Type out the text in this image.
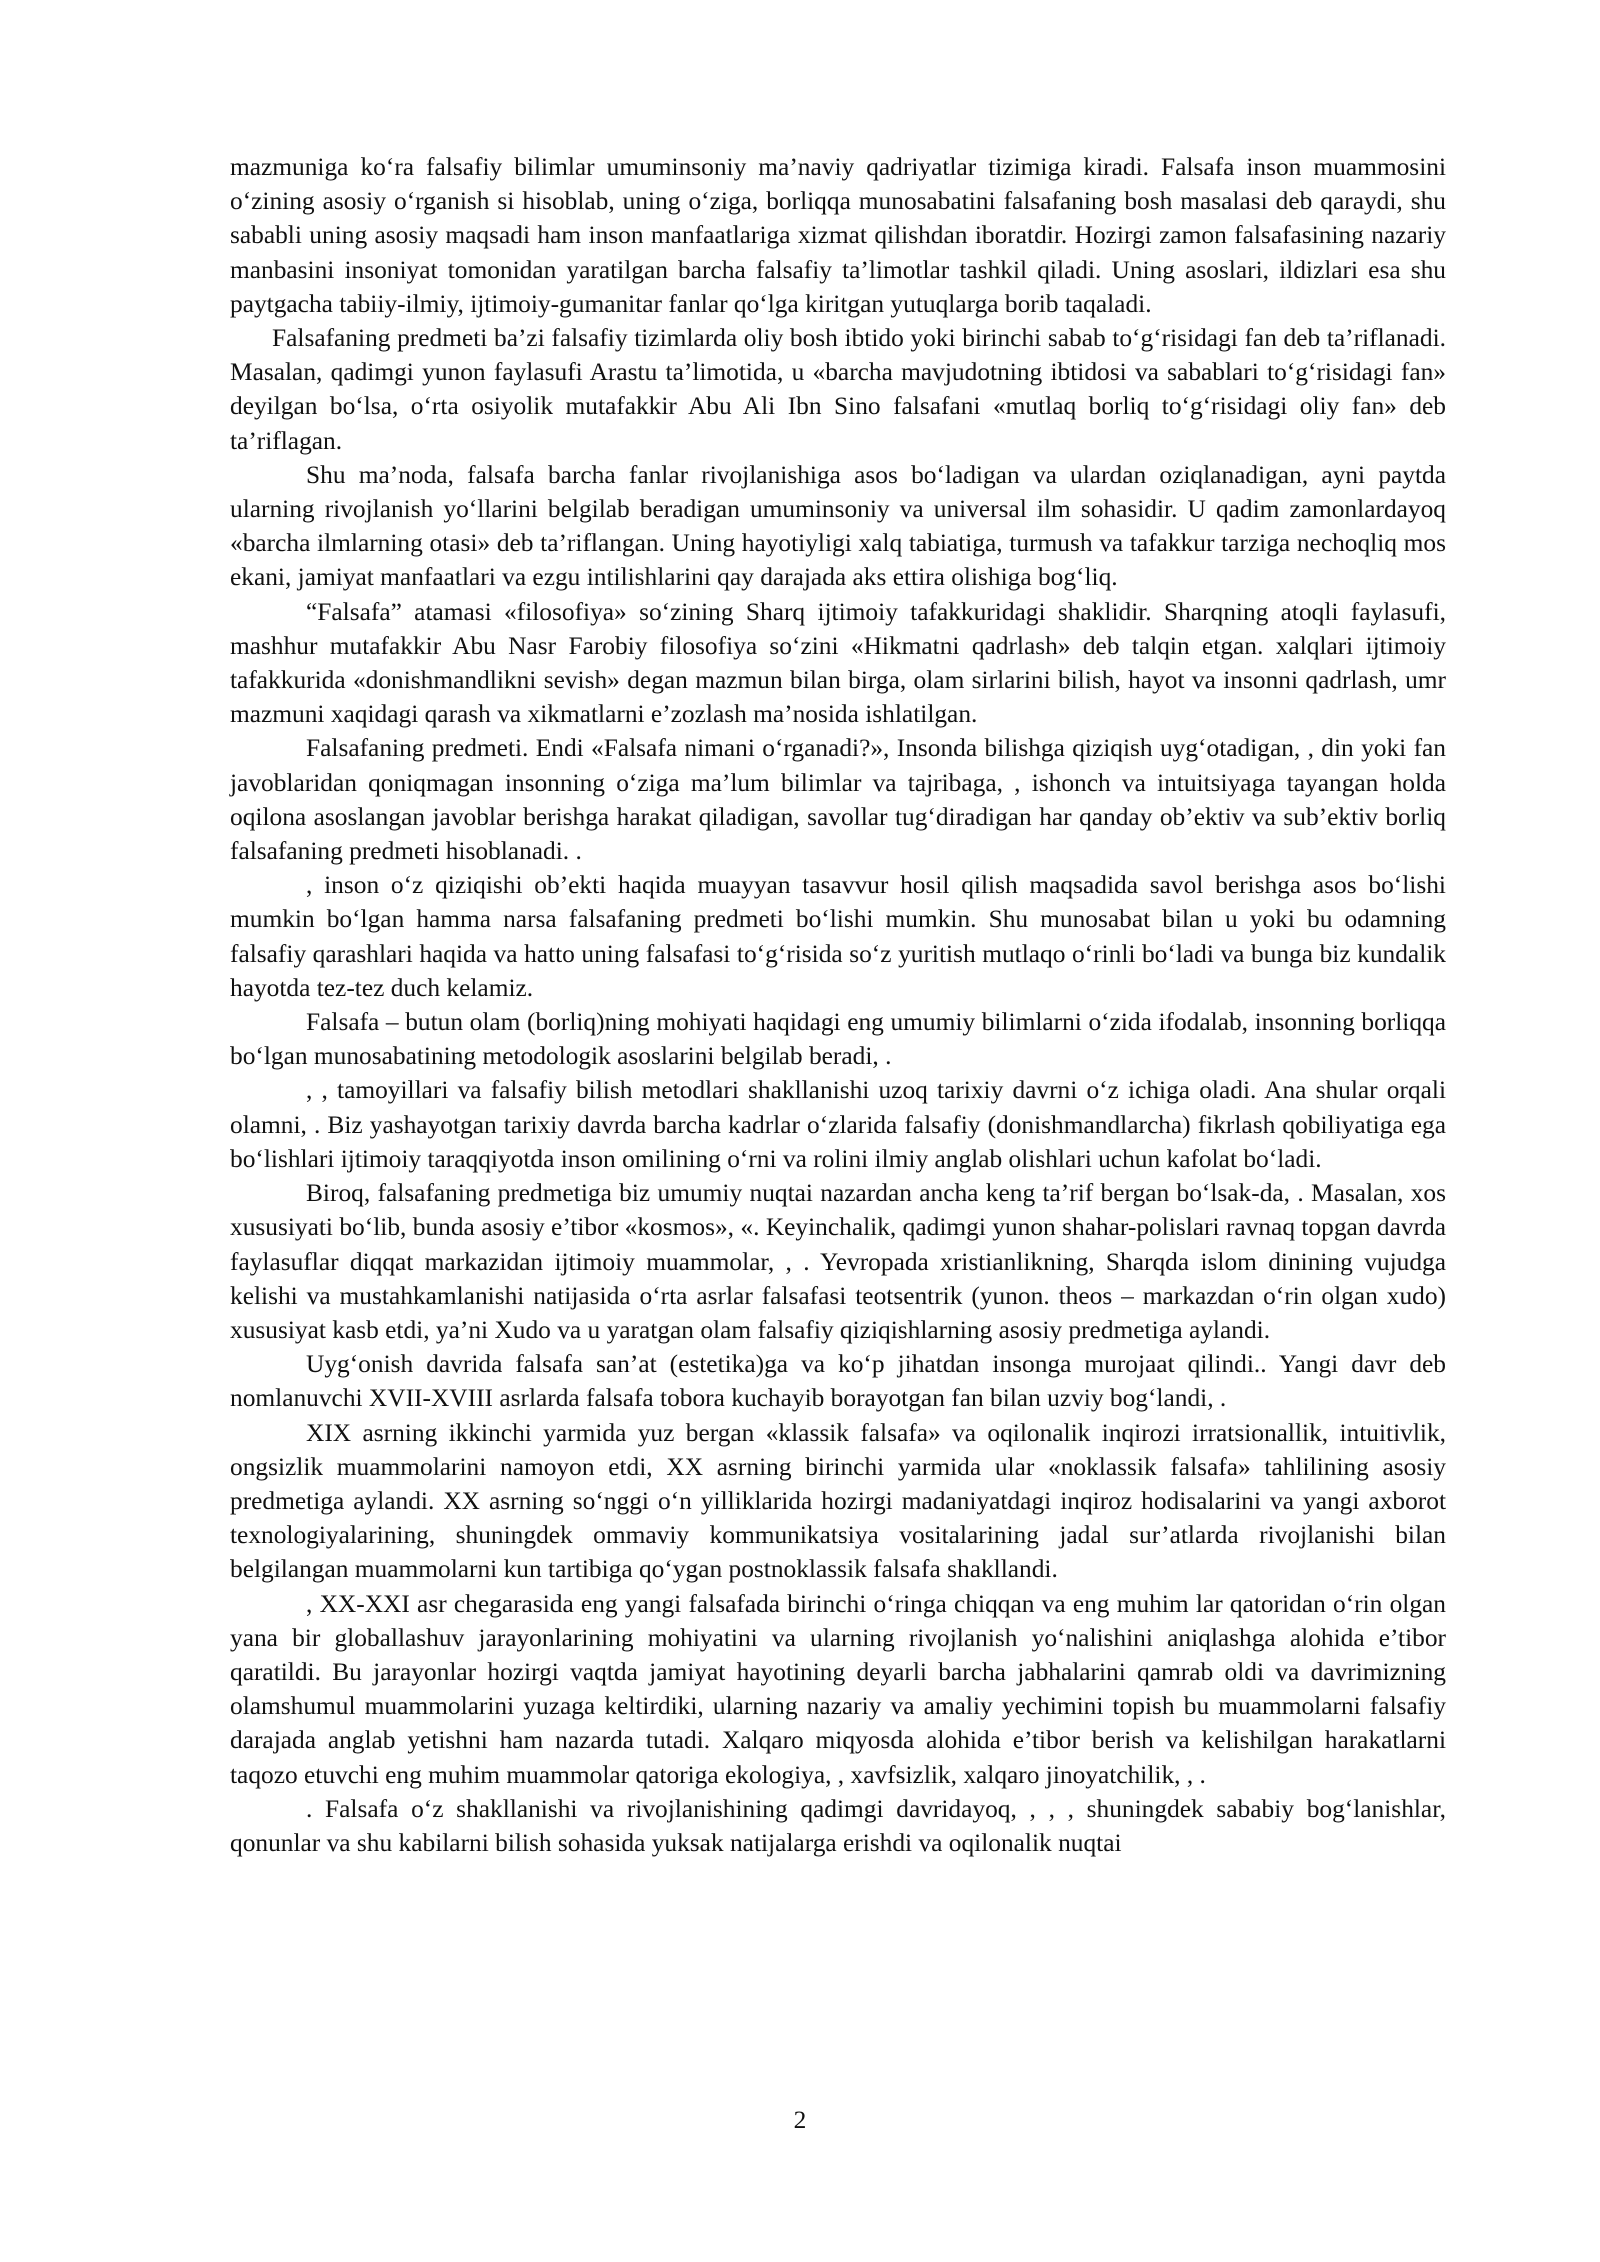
mazmuniga ko‘ra falsafiy bilimlar umuminsoniy ma’naviy qadriyatlar tizimiga kiradi. Falsafa inson muammosini o‘zining asosiy o‘rganish si hisoblab, uning o‘ziga, borliqqa munosabatini falsafaning bosh masalasi deb qaraydi, shu sababli uning asosiy maqsadi ham inson manfaatlariga xizmat qilishdan iboratdir. Hozirgi zamon falsafasining nazariy manbasini insoniyat tomonidan yaratilgan barcha falsafiy ta’limotlar tashkil qiladi. Uning asoslari, ildizlari esa shu paytgacha tabiiy-ilmiy, ijtimoiy-gumanitar fanlar qo‘lga kiritgan yutuqlarga borib taqaladi.

Falsafaning predmeti ba’zi falsafiy tizimlarda oliy bosh ibtido yoki birinchi sabab to‘g‘risidagi fan deb ta’riflanadi. Masalan, qadimgi yunon faylasufi Arastu ta’limotida, u «barcha mavjudotning ibtidosi va sabablari to‘g‘risidagi fan» deyilgan bo‘lsa, o‘rta osiyolik mutafakkir Abu Ali Ibn Sino falsafani «mutlaq borliq to‘g‘risidagi oliy fan» deb ta’riflagan.

Shu ma’noda, falsafa barcha fanlar rivojlanishiga asos bo‘ladigan va ulardan oziqlanadigan, ayni paytda ularning rivojlanish yo‘llarini belgilab beradigan umuminsoniy va universal ilm sohasidir. U qadim zamonlardayoq «barcha ilmlarning otasi» deb ta’riflangan. Uning hayotiyligi xalq tabiatiga, turmush va tafakkur tarziga nechoqliq mos ekani, jamiyat manfaatlari va ezgu intilishlarini qay darajada aks ettira olishiga bog‘liq.

“Falsafa” atamasi «filosofiya» so‘zining Sharq ijtimoiy tafakkuridagi shaklidir. Sharqning atoqli faylasufi, mashhur mutafakkir Abu Nasr Farobiy filosofiya so‘zini «Hikmatni qadrlash» deb talqin etgan. xalqlari ijtimoiy tafakkurida «donishmandlikni sevish» degan mazmun bilan birga, olam sirlarini bilish, hayot va insonni qadrlash, umr mazmuni xaqidagi qarash va xikmatlarni e’zozlash ma’nosida ishlatilgan.

Falsafaning predmeti. Endi «Falsafa nimani o‘rganadi?», Insonda bilishga qiziqish uyg‘otadigan, , din yoki fan javoblaridan qoniqmagan insonning o‘ziga ma’lum bilimlar va tajribaga, , ishonch va intuitsiyaga tayangan holda oqilona asoslangan javoblar berishga harakat qiladigan, savollar tug‘diradigan har qanday ob’ektiv va sub’ektiv borliq falsafaning predmeti hisoblanadi. .

, inson o‘z qiziqishi ob’ekti haqida muayyan tasavvur hosil qilish maqsadida savol berishga asos bo‘lishi mumkin bo‘lgan hamma narsa falsafaning predmeti bo‘lishi mumkin. Shu munosabat bilan u yoki bu odamning falsafiy qarashlari haqida va hatto uning falsafasi to‘g‘risida so‘z yuritish mutlaqo o‘rinli bo‘ladi va bunga biz kundalik hayotda tez-tez duch kelamiz.

Falsafa – butun olam (borliq)ning mohiyati haqidagi eng umumiy bilimlarni o‘zida ifodalab, insonning borliqqa bo‘lgan munosabatining metodologik asoslarini belgilab beradi, .

, , tamoyillari va falsafiy bilish metodlari shakllanishi uzoq tarixiy davrni o‘z ichiga oladi. Ana shular orqali olamni, . Biz yashayotgan tarixiy davrda barcha kadrlar o‘zlarida falsafiy (donishmandlarcha) fikrlash qobiliyatiga ega bo‘lishlari ijtimoiy taraqqiyotda inson omilining o‘rni va rolini ilmiy anglab olishlari uchun kafolat bo‘ladi.

Biroq, falsafaning predmetiga biz umumiy nuqtai nazardan ancha keng ta’rif bergan bo‘lsak-da, . Masalan, xos xususiyati bo‘lib, bunda asosiy e’tibor «kosmos», «. Keyinchalik, qadimgi yunon shahar-polislari ravnaq topgan davrda faylasuflar diqqat markazidan ijtimoiy muammolar, , . Yevropada xristianlikning, Sharqda islom dinining vujudga kelishi va mustahkamlanishi natijasida o‘rta asrlar falsafasi teotsentrik (yunon. theos – markazdan o‘rin olgan xudo) xususiyat kasb etdi, ya’ni Xudo va u yaratgan olam falsafiy qiziqishlarning asosiy predmetiga aylandi.

Uyg‘onish davrida falsafa san’at (estetika)ga va ko‘p jihatdan insonga murojaat qilindi.. Yangi davr deb nomlanuvchi XVII-XVIII asrlarda falsafa tobora kuchayib borayotgan fan bilan uzviy bog‘landi, .

XIX asrning ikkinchi yarmida yuz bergan «klassik falsafa» va oqilonalik inqirozi irratsionallik, intuitivlik, ongsizlik muammolarini namoyon etdi, XX asrning birinchi yarmida ular «noklassik falsafa» tahlilining asosiy predmetiga aylandi. XX asrning so‘nggi o‘n yilliklarida hozirgi madaniyatdagi inqiroz hodisalarini va yangi axborot texnologiyalarining, shuningdek ommaviy kommunikatsiya vositalarining jadal sur’atlarda rivojlanishi bilan belgilangan muammolarni kun tartibiga qo‘ygan postnoklassik falsafa shakllandi.

, XX-XXI asr chegarasida eng yangi falsafada birinchi o‘ringa chiqqan va eng muhim lar qatoridan o‘rin olgan yana bir globallashuv jarayonlarining mohiyatini va ularning rivojlanish yo‘nalishini aniqlashga alohida e’tibor qaratildi. Bu jarayonlar hozirgi vaqtda jamiyat hayotining deyarli barcha jabhalarini qamrab oldi va davrimizning olamshumul muammolarini yuzaga keltirdiki, ularning nazariy va amaliy yechimini topish bu muammolarni falsafiy darajada anglab yetishni ham nazarda tutadi. Xalqaro miqyosda alohida e’tibor berish va kelishilgan harakatlarni taqozo etuvchi eng muhim muammolar qatoriga ekologiya, , xavfsizlik, xalqaro jinoyatchilik, , .

. Falsafa o‘z shakllanishi va rivojlanishining qadimgi davridayoq, , , , shuningdek sababiy bog‘lanishlar, qonunlar va shu kabilarni bilish sohasida yuksak natijalarga erishdi va oqilonalik nuqtai

2
